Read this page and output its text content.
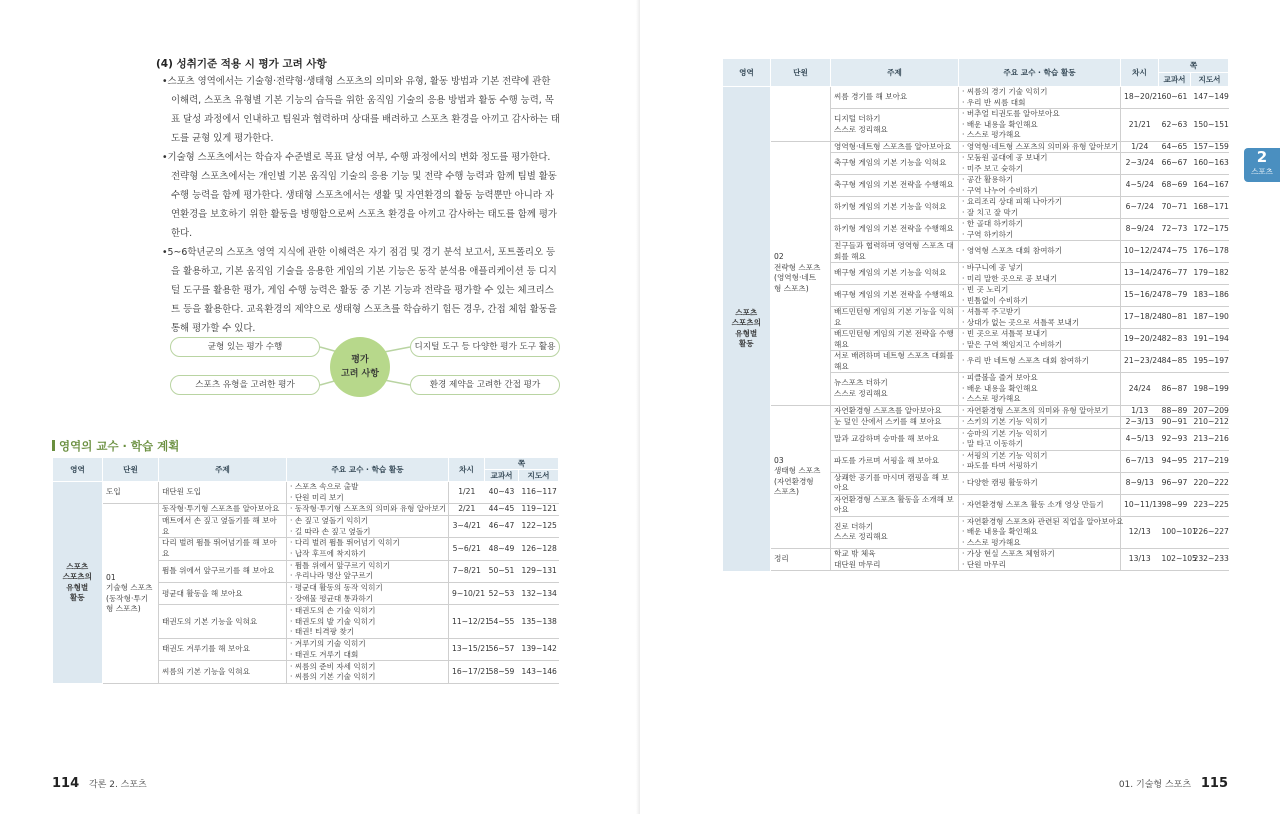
(4) 성취기준 적용 시 평가 고려 사항
• 스포츠 영역에서는 기술형·전략형·생태형 스포츠의 의미와 유형, 활동 방법과 기본 전략에 관한 이해력, 스포츠 유형별 기본 기능의 습득을 위한 움직임 기술의 응용 방법과 활동 수행 능력, 목표 달성 과정에서 인내하고 팀원과 협력하며 상대를 배려하고 스포츠 환경을 아끼고 감사하는 태도를 균형 있게 평가한다.
• 기술형 스포츠에서는 학습자 수준별로 목표 달성 여부, 수행 과정에서의 변화 정도를 평가한다. 전략형 스포츠에서는 개인별 기본 움직임 기술의 응용 기능 및 전략 수행 능력과 함께 팀별 활동 수행 능력을 함께 평가한다. 생태형 스포츠에서는 생활 및 자연환경의 활동 능력뿐만 아니라 자연환경을 보호하기 위한 활동을 병행함으로써 스포츠 환경을 아끼고 감사하는 태도를 함께 평가한다.
• 5~6학년군의 스포츠 영역 지식에 관한 이해력은 자기 점검 및 경기 분석 보고서, 포트폴리오 등을 활용하고, 기본 움직임 기술을 응용한 게임의 기본 기능은 동작 분석용 애플리케이션 등 디지털 도구를 활용한 평가, 게임 수행 능력은 활동 중 기본 기능과 전략을 평가할 수 있는 체크리스트 등을 활용한다. 교육환경의 제약으로 생태형 스포츠를 학습하기 힘든 경우, 간접 체험 활동을 통해 평가할 수 있다.
균형 있는 평가 수행	디지털 도구 등 다양한 평가 도구 활용
스포츠 유형을 고려한 평가	환경 제약을 고려한 간접 평가
평가
고려 사항
영역의 교수 · 학습 계획
영역	단원	주제	주요 교수 · 학습 활동	차시	쪽	
					교과서	지도서
스포츠
스포츠의
유형별
활동	도입	대단원 도입	· 스포츠 속으로 출발
· 단원 미리 보기	1/21	40~43	116~117
	01
기술형 스포츠
(동작형·투기
형 스포츠)	동작형·투기형 스포츠를 알아보아요	· 동작형·투기형 스포츠의 의미와 유형 알아보기	2/21	44~45	119~121
		매트에서 손 짚고 옆돌기를 해 보아요	· 손 짚고 옆돌기 익히기
· 길 따라 손 짚고 옆돌기	3~4/21	46~47	122~125
		다리 벌려 뜀틀 뛰어넘기를 해 보아요	· 다리 벌려 뜀틀 뛰어넘기 익히기
· 납작 후프에 착지하기	5~6/21	48~49	126~128
		뜀틀 위에서 앞구르기를 해 보아요	· 뜀틀 위에서 앞구르기 익히기
· 우리나라 명산 앞구르기	7~8/21	50~51	129~131
		평균대 활동을 해 보아요	· 평균대 활동의 동작 익히기
· 장애물 평균대 통과하기	9~10/21	52~53	132~134
		태권도의 기본 기능을 익혀요	· 태권도의 손 기술 익히기
· 태권도의 발 기술 익히기
· 태권! 티격팡 찾기	11~12/21	54~55	135~138
		태권도 겨루기를 해 보아요	· 겨루기의 기술 익히기
· 태권도 겨루기 대회	13~15/21	56~57	139~142
		씨름의 기본 기능을 익혀요	· 씨름의 준비 자세 익히기
· 씨름의 기본 기술 익히기	16~17/21	58~59	143~146
114 각론 2. 스포츠	01. 기술형 스포츠 115
영역	단원	주제	주요 교수 · 학습 활동	차시	쪽	
					교과서	지도서
스포츠
스포츠의
유형별
활동		씨름 경기를 해 보아요	· 씨름의 경기 기술 익히기
· 우리 반 씨름 대회	18~20/21	60~61	147~149
		디지털 더하기
스스로 정리해요	· 버추얼 티권도를 알아보아요
· 배운 내용을 확인해요
· 스스로 평가해요	21/21	62~63	150~151
	02
전략형 스포츠
(영역형·네트
형 스포츠)	영역형·네트형 스포츠를 알아보아요	· 영역형·네트형 스포츠의 의미와 유형 알아보기	1/24	64~65	157~159
		축구형 게임의 기본 기능을 익혀요	· 모둠원 골대에 공 보내기
· 미주 보고 슛하기	2~3/24	66~67	160~163
		축구형 게임의 기본 전략을 수행해요	· 공간 활용하기
· 구역 나누어 수비하기	4~5/24	68~69	164~167
		하키형 게임의 기본 기능을 익혀요	· 요리조리 상대 피해 나아가기
· 잘 치고 잘 막기	6~7/24	70~71	168~171
		하키형 게임의 기본 전략을 수행해요	· 한 골대 하키하기
· 구역 하키하기	8~9/24	72~73	172~175
		친구들과 협력하며 영역형 스포츠 대회를 해요	· 영역형 스포츠 대회 참여하기	10~12/24	74~75	176~178
		배구형 게임의 기본 기능을 익혀요	· 바구니에 공 넣기
· 미리 말한 곳으로 공 보내기	13~14/24	76~77	179~182
		배구형 게임의 기본 전략을 수행해요	· 빈 곳 노리기
· 빈틈없이 수비하기	15~16/24	78~79	183~186
		배드민턴형 게임의 기본 기능을 익혀요	· 셔틀콕 주고받기
· 상대가 없는 곳으로 셔틀콕 보내기	17~18/24	80~81	187~190
		배드민턴형 게임의 기본 전략을 수행해요	· 빈 곳으로 셔틀콕 보내기
· 맡은 구역 책임지고 수비하기	19~20/24	82~83	191~194
		서로 배려하며 네트형 스포츠 대회를 해요	· 우리 반 네트형 스포츠 대회 참여하기	21~23/24	84~85	195~197
		뉴스포츠 더하기
스스로 정리해요	· 피클볼을 즐겨 보아요
· 배운 내용을 확인해요
· 스스로 평가해요	24/24	86~87	198~199
	03
생태형 스포츠
(자연환경형
스포츠)	자연환경형 스포츠를 알아보아요	· 자연환경형 스포츠의 의미와 유형 알아보기	1/13	88~89	207~209
		눈 덮인 산에서 스키를 해 보아요	· 스키의 기본 기능 익히기	2~3/13	90~91	210~212
		말과 교감하며 승마를 해 보아요	· 승마의 기본 기능 익히기
· 말 타고 이동하기	4~5/13	92~93	213~216
		파도를 가르며 서핑을 해 보아요	· 서핑의 기본 기능 익히기
· 파도를 타며 서핑하기	6~7/13	94~95	217~219
		상쾌한 공기를 마시며 캠핑을 해 보아요	· 다양한 캠핑 활동하기	8~9/13	96~97	220~222
		자연환경형 스포츠 활동을 소개해 보아요	· 자연환경형 스포츠 활동 소개 영상 만들기	10~11/13	98~99	223~225
		진로 더하기
스스로 정리해요	· 자연환경형 스포츠와 관련된 직업을 알아보아요
· 배운 내용을 확인해요
· 스스로 평가해요	12/13	100~101	226~227
	정리	학교 밖 체육
대단원 마무리	· 가상 현실 스포츠 체험하기
· 단원 마무리	13/13	102~105	232~233
2
스포츠
